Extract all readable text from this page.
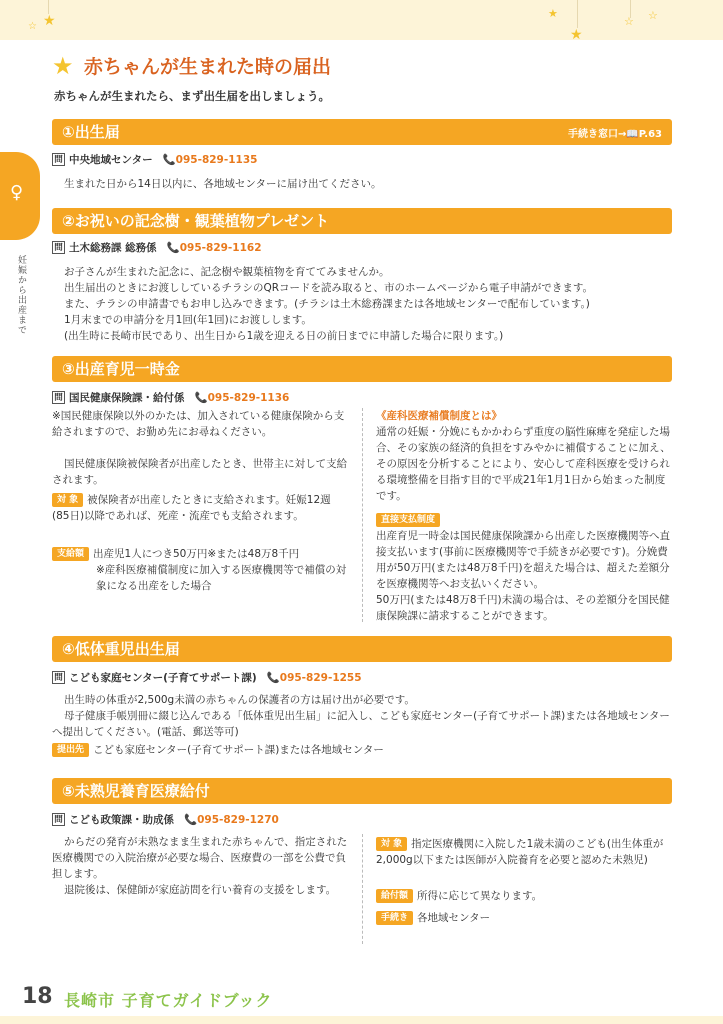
★
☆
★
★
☆ ☆
♀
妊娠から出産まで
★ 赤ちゃんが生まれた時の届出
赤ちゃんが生まれたら、まず出生届を出しましょう。
①出生届	手続き窓口→📖P.63
問 中央地域センター 📞095-829-1135
生まれた日から14日以内に、各地域センターに届け出てください。
②お祝いの記念樹・観葉植物プレゼント
問 土木総務課 総務係 📞095-829-1162
お子さんが生まれた記念に、記念樹や観葉植物を育ててみませんか。
出生届出のときにお渡ししているチラシのQRコードを読み取ると、市のホームページから電子申請ができます。
また、チラシの申請書でもお申し込みできます。(チラシは土木総務課または各地域センターで配布しています。)
1月末までの申請分を月1回(年1回)にお渡しします。
(出生時に長崎市民であり、出生日から1歳を迎える日の前日までに申請した場合に限ります。)
③出産育児一時金
問 国民健康保険課・給付係 📞095-829-1136
※国民健康保険以外のかたは、加入されている健康保険から支給されますので、お勤め先にお尋ねください。
国民健康保険被保険者が出産したとき、世帯主に対して支給されます。
対 象 被保険者が出産したときに支給されます。妊娠12週(85日)以降であれば、死産・流産でも支給されます。
支給額 出産児1人につき50万円※または48万8千円
※産科医療補償制度に加入する医療機関等で補償の対象になる出産をした場合
《産科医療補償制度とは》
通常の妊娠・分娩にもかかわらず重度の脳性麻痺を発症した場合、その家族の経済的負担をすみやかに補償することに加え、その原因を分析することにより、安心して産科医療を受けられる環境整備を目指す目的で平成21年1月1日から始まった制度です。
直接支払制度
出産育児一時金は国民健康保険課から出産した医療機関等へ直接支払います(事前に医療機関等で手続きが必要です)。分娩費用が50万円(または48万8千円)を超えた場合は、超えた差額分を医療機関等へお支払いください。
50万円(または48万8千円)未満の場合は、その差額分を国民健康保険課に請求することができます。
④低体重児出生届
問 こども家庭センター(子育てサポート課) 📞095-829-1255
出生時の体重が2,500g未満の赤ちゃんの保護者の方は届け出が必要です。
母子健康手帳別冊に綴じ込んである「低体重児出生届」に記入し、こども家庭センター(子育てサポート課)または各地域センターへ提出してください。(電話、郵送等可)
提出先 こども家庭センター(子育てサポート課)または各地域センター
⑤未熟児養育医療給付
問 こども政策課・助成係 📞095-829-1270
からだの発育が未熟なまま生まれた赤ちゃんで、指定された医療機関での入院治療が必要な場合、医療費の一部を公費で負担します。
退院後は、保健師が家庭訪問を行い養育の支援をします。
対 象 指定医療機関に入院した1歳未満のこども(出生体重が2,000g以下または医師が入院養育を必要と認めた未熟児)
給付額 所得に応じて異なります。
手続き 各地域センター
18 長崎市 子育てガイドブック
